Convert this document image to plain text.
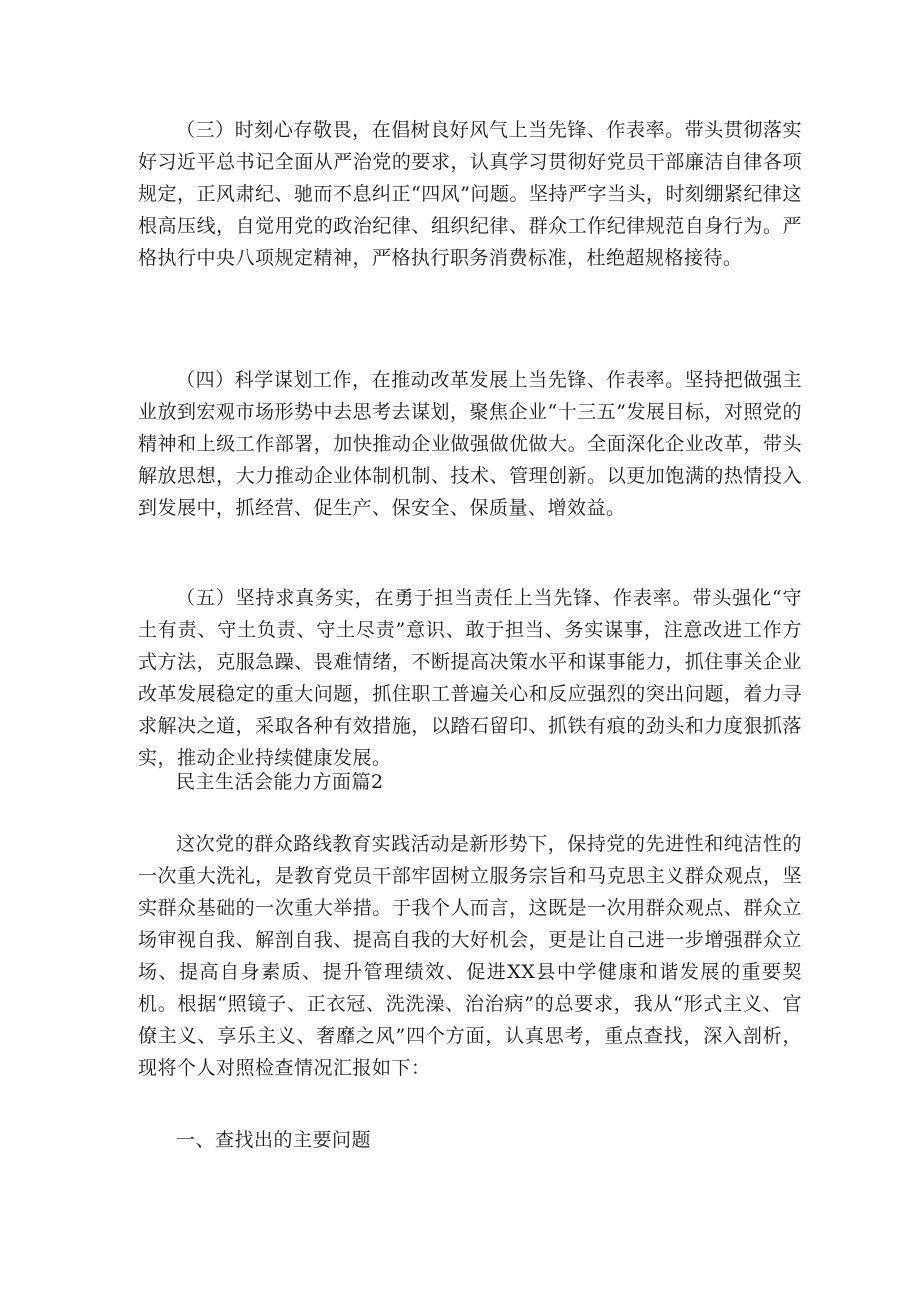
（三）时刻心存敬畏，在倡树良好风气上当先锋、作表率。带头贯彻落实好习近平总书记全面从严治党的要求，认真学习贯彻好党员干部廉洁自律各项规定，正风肃纪、驰而不息纠正“四风”问题。坚持严字当头，时刻绷紧纪律这根高压线，自觉用党的政治纪律、组织纪律、群众工作纪律规范自身行为。严格执行中央八项规定精神，严格执行职务消费标准，杜绝超规格接待。

（四）科学谋划工作，在推动改革发展上当先锋、作表率。坚持把做强主业放到宏观市场形势中去思考去谋划，聚焦企业“十三五”发展目标，对照党的精神和上级工作部署，加快推动企业做强做优做大。全面深化企业改革，带头解放思想，大力推动企业体制机制、技术、管理创新。以更加饱满的热情投入到发展中，抓经营、促生产、保安全、保质量、增效益。

（五）坚持求真务实，在勇于担当责任上当先锋、作表率。带头强化“守土有责、守土负责、守土尽责”意识、敢于担当、务实谋事，注意改进工作方式方法，克服急躁、畏难情绪，不断提高决策水平和谋事能力，抓住事关企业改革发展稳定的重大问题，抓住职工普遍关心和反应强烈的突出问题，着力寻求解决之道，采取各种有效措施，以踏石留印、抓铁有痕的劲头和力度狠抓落实，推动企业持续健康发展。

民主生活会能力方面篇2

这次党的群众路线教育实践活动是新形势下，保持党的先进性和纯洁性的一次重大洗礼，是教育党员干部牢固树立服务宗旨和马克思主义群众观点，坚实群众基础的一次重大举措。于我个人而言，这既是一次用群众观点、群众立场审视自我、解剖自我、提高自我的大好机会，更是让自己进一步增强群众立场、提高自身素质、提升管理绩效、促进XX县中学健康和谐发展的重要契机。根据“照镜子、正衣冠、洗洗澡、治治病”的总要求，我从“形式主义、官僚主义、享乐主义、奢靡之风”四个方面，认真思考，重点查找，深入剖析，现将个人对照检查情况汇报如下：

一、查找出的主要问题
